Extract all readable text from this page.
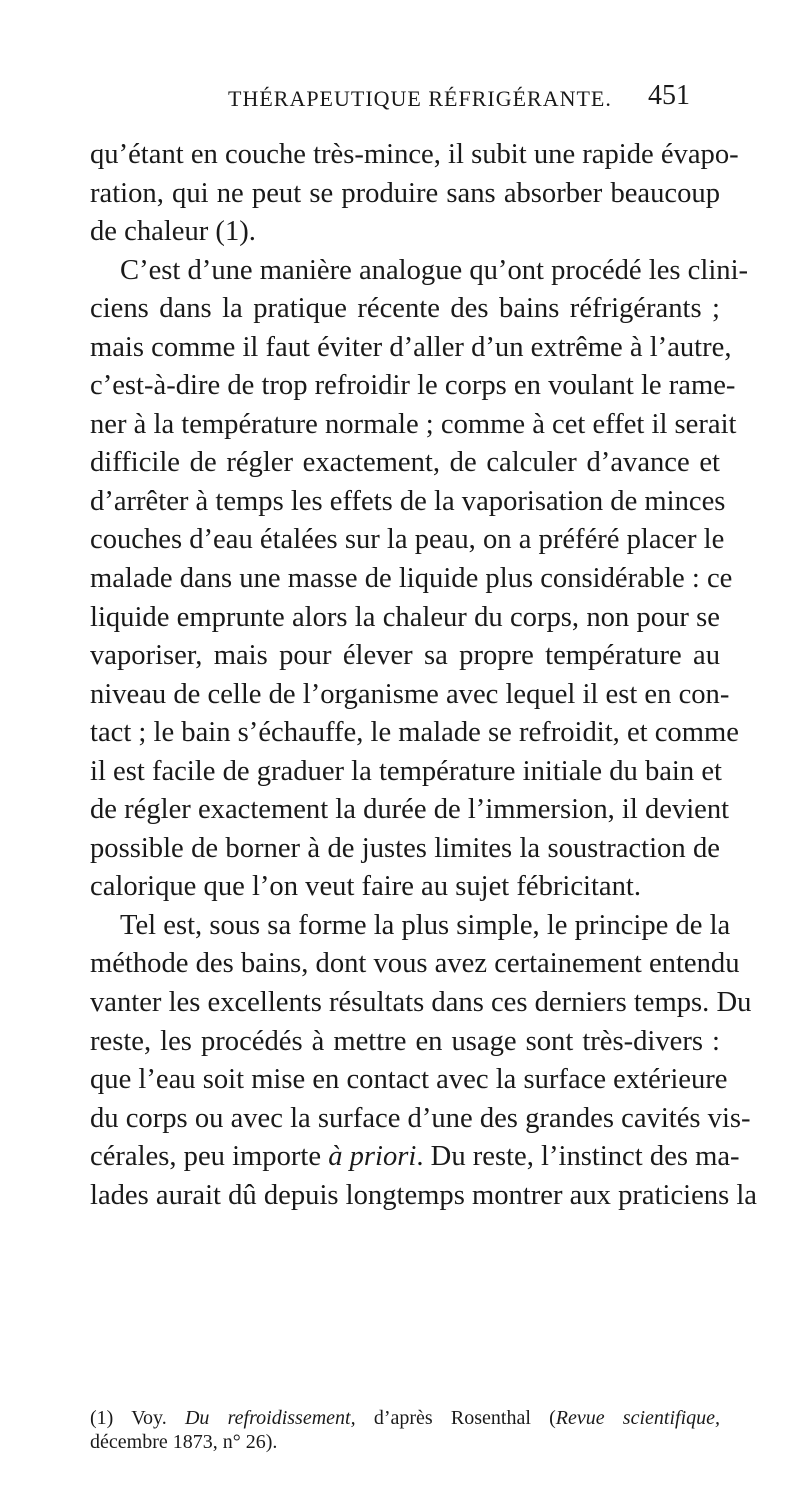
THÉRAPEUTIQUE RÉFRIGÉRANTE. 451
qu’étant en couche très-mince, il subit une rapide évapo-
ration, qui ne peut se produire sans absorber beaucoup
de chaleur (1).
C’est d’une manière analogue qu’ont procédé les clini-
ciens dans la pratique récente des bains réfrigérants ;
mais comme il faut éviter d’aller d’un extrême à l’autre,
c’est-à-dire de trop refroidir le corps en voulant le rame-
ner à la température normale ; comme à cet effet il serait
difficile de régler exactement, de calculer d’avance et
d’arrêter à temps les effets de la vaporisation de minces
couches d’eau étalées sur la peau, on a préféré placer le
malade dans une masse de liquide plus considérable : ce
liquide emprunte alors la chaleur du corps, non pour se
vaporiser, mais pour élever sa propre température au
niveau de celle de l’organisme avec lequel il est en con-
tact ; le bain s’échauffe, le malade se refroidit, et comme
il est facile de graduer la température initiale du bain et
de régler exactement la durée de l’immersion, il devient
possible de borner à de justes limites la soustraction de
calorique que l’on veut faire au sujet fébricitant.
Tel est, sous sa forme la plus simple, le principe de la
méthode des bains, dont vous avez certainement entendu
vanter les excellents résultats dans ces derniers temps. Du
reste, les procédés à mettre en usage sont très-divers :
que l’eau soit mise en contact avec la surface extérieure
du corps ou avec la surface d’une des grandes cavités vis-
cérales, peu importe à priori. Du reste, l’instinct des ma-
lades aurait dû depuis longtemps montrer aux praticiens la
(1) Voy. Du refroidissement, d’après Rosenthal (Revue scientifique,
décembre 1873, n° 26).
